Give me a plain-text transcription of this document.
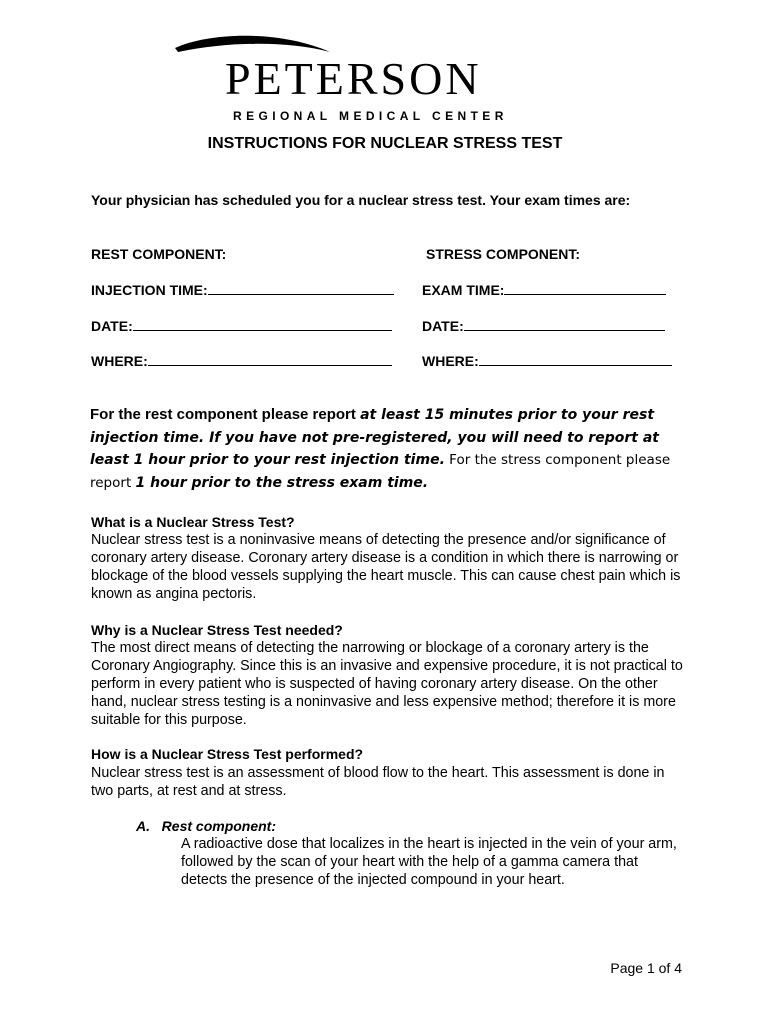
PETERSON
REGIONAL MEDICAL CENTER
INSTRUCTIONS FOR NUCLEAR STRESS TEST
Your physician has scheduled you for a nuclear stress test. Your exam times are:
REST COMPONENT:	STRESS COMPONENT:
INJECTION TIME:	EXAM TIME:
DATE:	DATE:
WHERE:	WHERE:
For the rest component please report at least 15 minutes prior to your rest injection time. If you have not pre-registered, you will need to report at least 1 hour prior to your rest injection time. For the stress component please report 1 hour prior to the stress exam time.
What is a Nuclear Stress Test?
Nuclear stress test is a noninvasive means of detecting the presence and/or significance of coronary artery disease. Coronary artery disease is a condition in which there is narrowing or blockage of the blood vessels supplying the heart muscle. This can cause chest pain which is known as angina pectoris.
Why is a Nuclear Stress Test needed?
The most direct means of detecting the narrowing or blockage of a coronary artery is the Coronary Angiography. Since this is an invasive and expensive procedure, it is not practical to perform in every patient who is suspected of having coronary artery disease. On the other hand, nuclear stress testing is a noninvasive and less expensive method; therefore it is more suitable for this purpose.
How is a Nuclear Stress Test performed?
Nuclear stress test is an assessment of blood flow to the heart. This assessment is done in two parts, at rest and at stress.
A.   Rest component:
A radioactive dose that localizes in the heart is injected in the vein of your arm, followed by the scan of your heart with the help of a gamma camera that detects the presence of the injected compound in your heart.
Page 1 of 4
